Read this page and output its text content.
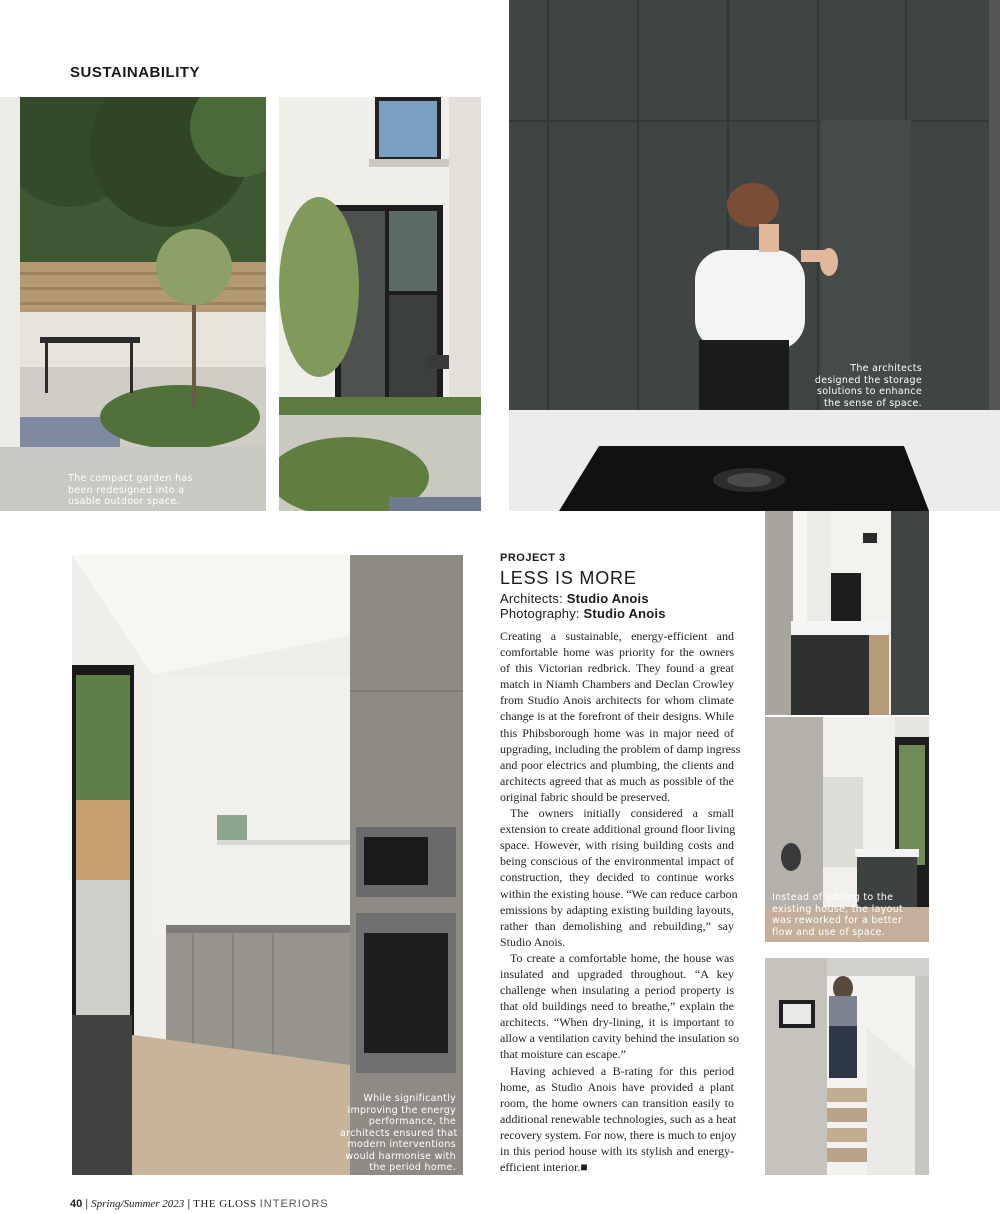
SUSTAINABILITY
The compact garden has
been redesigned into a
usable outdoor space.
The architects
designed the storage
solutions to enhance
the sense of space.
While significantly
improving the energy
performance, the
architects ensured that
modern interventions
would harmonise with
the period home.
PROJECT 3
LESS IS MORE
Architects: Studio Anois
Photography: Studio Anois
Creating a sustainable, energy-efficient and
comfortable home was priority for the owners
of this Victorian redbrick. They found a great
match in Niamh Chambers and Declan Crowley
from Studio Anois architects for whom climate
change is at the forefront of their designs. While
this Phibsborough home was in major need of
upgrading, including the problem of damp ingress
and poor electrics and plumbing, the clients and
architects agreed that as much as possible of the
original fabric should be preserved.
The owners initially considered a small
extension to create additional ground floor living
space. However, with rising building costs and
being conscious of the environmental impact of
construction, they decided to continue works
within the existing house. “We can reduce carbon
emissions by adapting existing building layouts,
rather than demolishing and rebuilding,” say
Studio Anois.
To create a comfortable home, the house was
insulated and upgraded throughout. “A key
challenge when insulating a period property is
that old buildings need to breathe,” explain the
architects. “When dry-lining, it is important to
allow a ventilation cavity behind the insulation so
that moisture can escape.”
Having achieved a B-rating for this period
home, as Studio Anois have provided a plant
room, the home owners can transition easily to
additional renewable technologies, such as a heat
recovery system. For now, there is much to enjoy
in this period house with its stylish and energy-
efficient interior.■
Instead of adding to the
existing house, the layout
was reworked for a better
flow and use of space.
40 | Spring/Summer 2023 | THE GLOSS INTERIORS
